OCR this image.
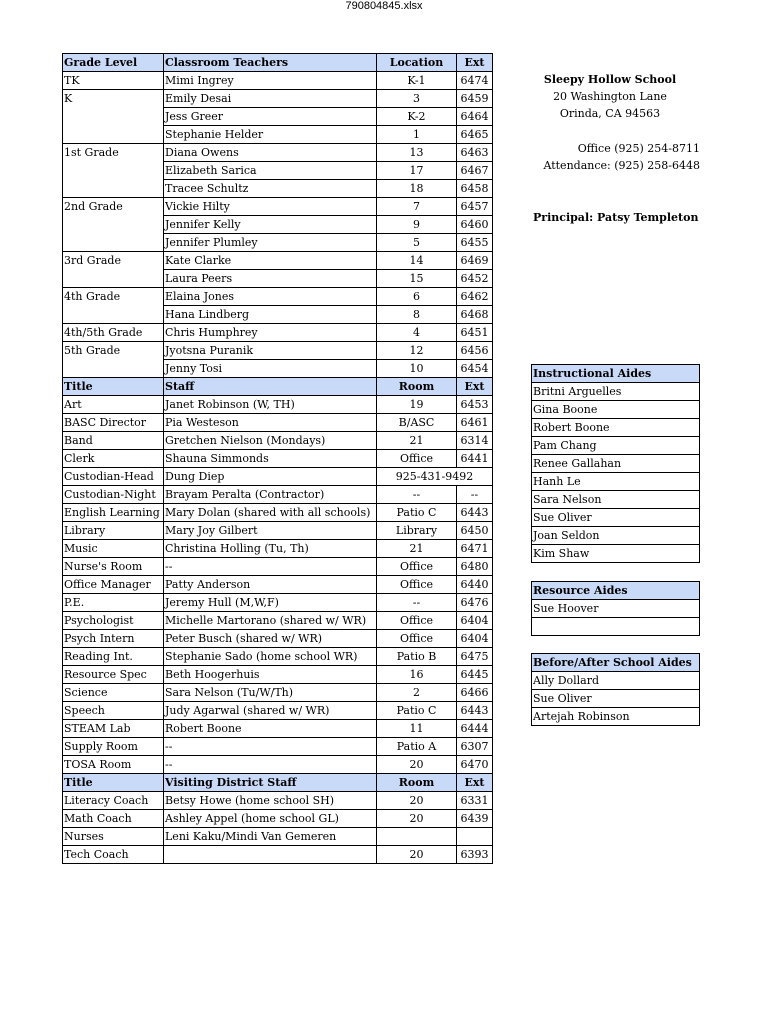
790804845.xlsx
Grade Level	Classroom Teachers	Location	Ext
TK	Mimi Ingrey	K-1	6474
K	Emily Desai	3	6459
	Jess Greer	K-2	6464
	Stephanie Helder	1	6465
1st Grade	Diana Owens	13	6463
	Elizabeth Sarica	17	6467
	Tracee Schultz	18	6458
2nd Grade	Vickie Hilty	7	6457
	Jennifer Kelly	9	6460
	Jennifer Plumley	5	6455
3rd Grade	Kate Clarke	14	6469
	Laura Peers	15	6452
4th Grade	Elaina Jones	6	6462
	Hana Lindberg	8	6468
4th/5th Grade	Chris Humphrey	4	6451
5th Grade	Jyotsna Puranik	12	6456
	Jenny Tosi	10	6454
Title	Staff	Room	Ext
Art	Janet Robinson (W, TH)	19	6453
BASC Director	Pia Westeson	B/ASC	6461
Band	Gretchen Nielson (Mondays)	21	6314
Clerk	Shauna Simmonds	Office	6441
Custodian-Head	Dung Diep	925-431-9492	
Custodian-Night	Brayam Peralta (Contractor)	--	--
English Learning	Mary Dolan (shared with all schools)	Patio C	6443
Library	Mary Joy Gilbert	Library	6450
Music	Christina Holling (Tu, Th)	21	6471
Nurse's Room	--	Office	6480
Office Manager	Patty Anderson	Office	6440
P.E.	Jeremy Hull (M,W,F)	--	6476
Psychologist	Michelle Martorano (shared w/ WR)	Office	6404
Psych Intern	Peter Busch (shared w/ WR)	Office	6404
Reading Int.	Stephanie Sado (home school WR)	Patio B	6475
Resource Spec	Beth Hoogerhuis	16	6445
Science	Sara Nelson (Tu/W/Th)	2	6466
Speech	Judy Agarwal (shared w/ WR)	Patio C	6443
STEAM Lab	Robert Boone	11	6444
Supply Room	--	Patio A	6307
TOSA Room	--	20	6470
Title	Visiting District Staff	Room	Ext
Literacy Coach	Betsy Howe (home school SH)	20	6331
Math Coach	Ashley Appel (home school GL)	20	6439
Nurses	Leni Kaku/Mindi Van Gemeren		
Tech Coach		20	6393
Sleepy Hollow School
20 Washington Lane
Orinda, CA 94563
Office (925) 254-8711
Attendance: (925) 258-6448
Principal: Patsy Templeton
Instructional Aides
Britni Arguelles
Gina Boone
Robert Boone
Pam Chang
Renee Gallahan
Hanh Le
Sara Nelson
Sue Oliver
Joan Seldon
Kim Shaw
Resource Aides
Sue Hoover

Before/After School Aides
Ally Dollard
Sue Oliver
Artejah Robinson
